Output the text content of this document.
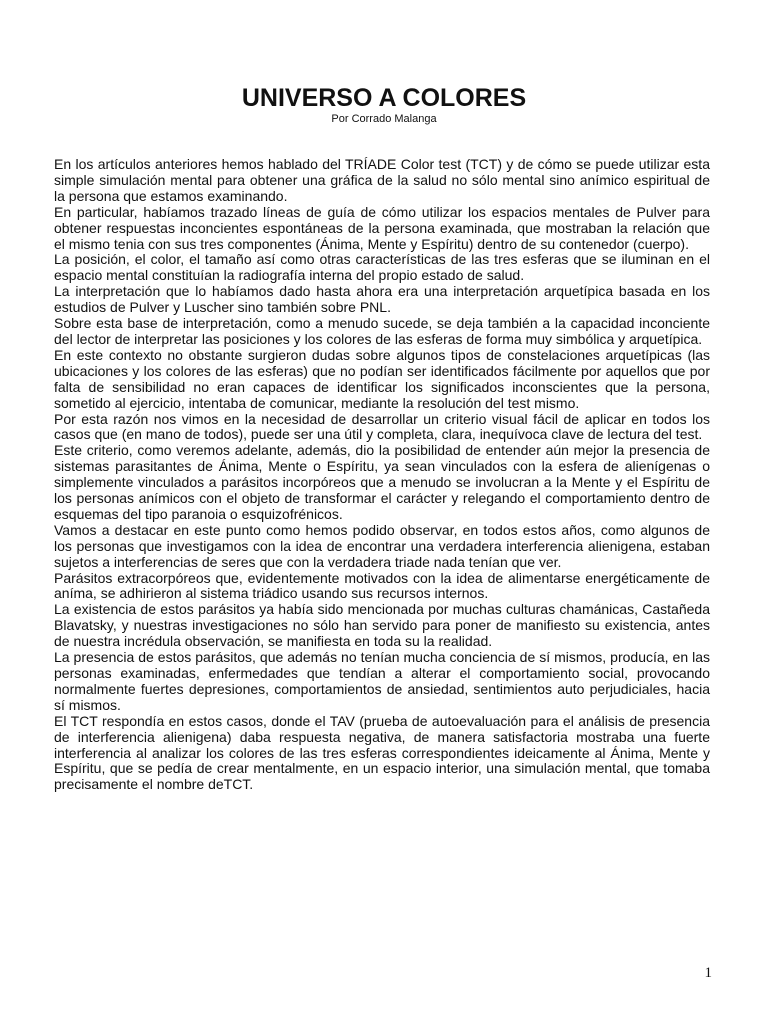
UNIVERSO A COLORES
Por Corrado Malanga

En los artículos anteriores hemos hablado del TRÍADE Color test (TCT) y de cómo se puede utilizar esta simple simulación mental para obtener una gráfica de la salud no sólo mental sino anímico espiritual de la persona que estamos examinando.

En particular, habíamos trazado líneas de guía de cómo utilizar los espacios mentales de Pulver para obtener respuestas inconcientes espontáneas de la persona examinada, que mostraban la relación que el mismo tenia con sus tres componentes (Ánima, Mente y Espíritu) dentro de su contenedor (cuerpo).

La posición, el color, el tamaño así como otras características de las tres esferas que se iluminan en el espacio mental constituían la radiografía interna del propio estado de salud.

La interpretación que lo habíamos dado hasta ahora era una interpretación arquetípica basada en los estudios de Pulver y Luscher sino también sobre PNL.

Sobre esta base de interpretación, como a menudo sucede, se deja también a la capacidad inconciente del lector de interpretar las posiciones y los colores de las esferas de forma muy simbólica y arquetípica.

En este contexto no obstante surgieron dudas sobre algunos tipos de constelaciones arquetípicas (las ubicaciones y los colores de las esferas) que no podían ser identificados fácilmente por aquellos que por falta de sensibilidad no eran capaces de identificar los significados inconscientes que la persona, sometido al ejercicio, intentaba de comunicar, mediante la resolución del test mismo.

Por esta razón nos vimos en la necesidad de desarrollar un criterio visual fácil de aplicar en todos los casos que (en mano de todos), puede ser una útil y completa, clara, inequívoca clave de lectura del test.

Este criterio, como veremos adelante, además, dio la posibilidad de entender aún mejor la presencia de sistemas parasitantes de Ánima, Mente o Espíritu, ya sean vinculados con la esfera de alienígenas o simplemente vinculados a parásitos incorpóreos que a menudo se involucran a la Mente y el Espíritu de los personas anímicos con el objeto de transformar el carácter y relegando el comportamiento dentro de esquemas del tipo paranoia o esquizofrénicos.

Vamos a destacar en este punto como hemos podido observar, en todos estos años, como algunos de los personas que investigamos con la idea de encontrar una verdadera interferencia alienigena, estaban sujetos a interferencias de seres que con la verdadera triade nada tenían que ver.

Parásitos extracorpóreos que, evidentemente motivados con la idea de alimentarse energéticamente de aníma, se adhirieron al sistema triádico usando sus recursos internos.

La existencia de estos parásitos ya había sido mencionada por muchas culturas chamánicas, Castañeda Blavatsky, y nuestras investigaciones no sólo han servido para poner de manifiesto su existencia, antes de nuestra incrédula observación, se manifiesta en toda su la realidad.

La presencia de estos parásitos, que además no tenían mucha conciencia de sí mismos, producía, en las personas examinadas, enfermedades que tendían a alterar el comportamiento social, provocando normalmente fuertes depresiones, comportamientos de ansiedad, sentimientos auto perjudiciales, hacia sí mismos.

El TCT respondía en estos casos, donde el TAV (prueba de autoevaluación para el análisis de presencia de interferencia alienigena) daba respuesta negativa, de manera satisfactoria mostraba una fuerte interferencia al analizar los colores de las tres esferas correspondientes ideicamente al Ánima, Mente y Espíritu, que se pedía de crear mentalmente, en un espacio interior, una simulación mental, que tomaba precisamente el nombre deTCT.

1
